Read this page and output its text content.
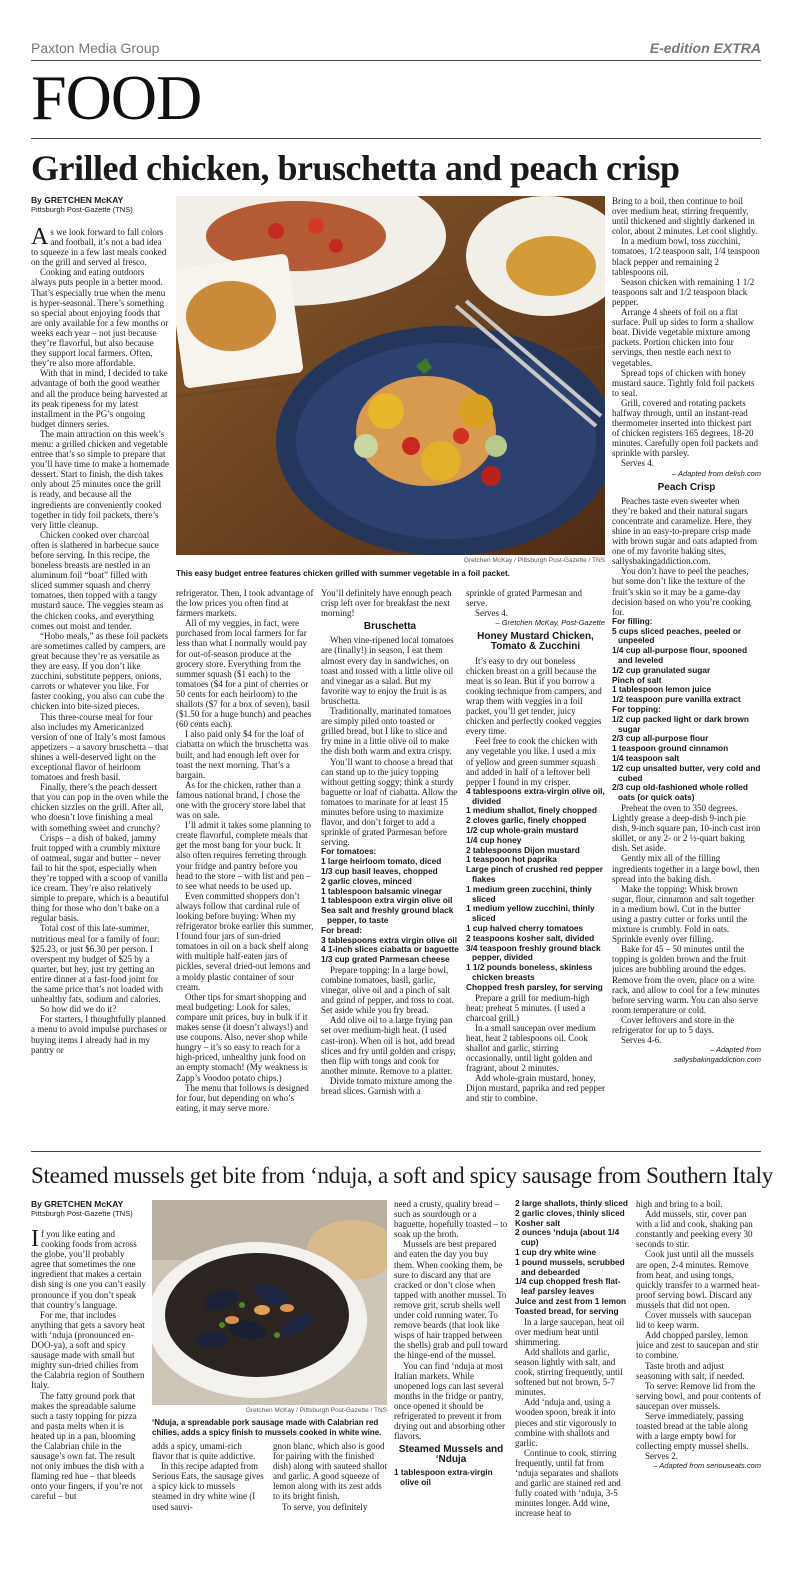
Paxton Media Group	E-edition EXTRA
FOOD
Grilled chicken, bruschetta and peach crisp
By GRETCHEN McKAY
Pittsburgh Post-Gazette (TNS)
Gretchen McKay / Pittsburgh Post-Gazette / TNS
This easy budget entree features chicken grilled with summer vegetable in a foil packet.

As we look forward to fall colors and football, it’s not a bad idea to squeeze in a few last meals cooked on the grill and served al fresco.

Cooking and eating outdoors always puts people in a better mood. That’s especially true when the menu is hyper-seasonal. There’s something so special about enjoying foods that are only available for a few months or weeks each year – not just because they’re flavorful, but also because they support local farmers. Often, they’re also more affordable.

With that in mind, I decided to take advantage of both the good weather and all the produce being harvested at its peak ripeness for my latest installment in the PG’s ongoing budget dinners series.

The main attraction on this week’s menu: a grilled chicken and vegetable entree that’s so simple to prepare that you’ll have time to make a homemade dessert. Start to finish, the dish takes only about 25 minutes once the grill is ready, and because all the ingredients are conveniently cooked together in tidy foil packets, there’s very little cleanup.

Chicken cooked over charcoal often is slathered in barbecue sauce before serving. In this recipe, the boneless breasts are nestled in an aluminum foil “boat” filled with sliced summer squash and cherry tomatoes, then topped with a tangy mustard sauce. The veggies steam as the chicken cooks, and everything comes out moist and tender.

“Hobo meals,” as these foil packets are sometimes called by campers, are great because they’re as versatile as they are easy. If you don’t like zucchini, substitute peppers, onions, carrots or whatever you like. For faster cooking, you also can cube the chicken into bite-sized pieces.

This three-course meal for four also includes my Americanized version of one of Italy’s most famous appetizers – a savory bruschetta – that shines a well-deserved light on the exceptional flavor of heirloom tomatoes and fresh basil.

Finally, there’s the peach dessert that you can pop in the oven while the chicken sizzles on the grill. After all, who doesn’t love finishing a meal with something sweet and crunchy?

Crisps – a dish of baked, jammy fruit topped with a crumbly mixture of oatmeal, sugar and butter – never fail to hit the spot, especially when they’re topped with a scoop of vanilla ice cream. They’re also relatively simple to prepare, which is a beautiful thing for those who don’t bake on a regular basis.

Total cost of this late-summer, nutritious meal for a family of four: $25.23, or just $6.30 per person. I overspent my budget of $25 by a quarter, but hey, just try getting an entire dinner at a fast-food joint for the same price that’s not loaded with unhealthy fats, sodium and calories.

So how did we do it?

For starters, I thoughtfully planned a menu to avoid impulse purchases or buying items I already had in my pantry or

refrigerator. Then, I took advantage of the low prices you often find at farmers markets.

All of my veggies, in fact, were purchased from local farmers for far less than what I normally would pay for out-of-season produce at the grocery store. Everything from the summer squash ($1 each) to the tomatoes ($4 for a pint of cherries or 50 cents for each heirloom) to the shallots ($7 for a box of seven), basil ($1.50 for a huge bunch) and peaches (60 cents each).

I also paid only $4 for the loaf of ciabatta on which the bruschetta was built, and had enough left over for toast the next morning. That’s a bargain.

As for the chicken, rather than a famous national brand, I chose the one with the grocery store label that was on sale.

I’ll admit it takes some planning to create flavorful, complete meals that get the most bang for your buck. It also often requires ferreting through your fridge and pantry before you head to the store – with list and pen – to see what needs to be used up.

Even committed shoppers don’t always follow that cardinal rule of looking before buying: When my refrigerator broke earlier this summer, I found four jars of sun-dried tomatoes in oil on a back shelf along with multiple half-eaten jars of pickles, several dried-out lemons and a moldy plastic container of sour cream.

Other tips for smart shopping and meal budgeting: Look for sales, compare unit prices, buy in bulk if it makes sense (it doesn’t always!) and use coupons. Also, never shop while hungry – it’s so easy to reach for a high-priced, unhealthy junk food on an empty stomach! (My weakness is Zapp’s Voodoo potato chips.)

The menu that follows is designed for four, but depending on who’s eating, it may serve more.

You’ll definitely have enough peach crisp left over for breakfast the next morning!

Bruschetta

When vine-ripened local tomatoes are (finally!) in season, I eat them almost every day in sandwiches, on toast and tossed with a little olive oil and vinegar as a salad. But my favorite way to enjoy the fruit is as bruschetta.

Traditionally, marinated tomatoes are simply piled onto toasted or grilled bread, but I like to slice and fry mine in a little olive oil to make the dish both warm and extra crispy.

You’ll want to choose a bread that can stand up to the juicy topping without getting soggy; think a sturdy baguette or loaf of ciabatta. Allow the tomatoes to marinate for at least 15 minutes before using to maximize flavor, and don’t forget to add a sprinkle of grated Parmesan before serving.

For tomatoes:

1 large heirloom tomato, diced

1/3 cup basil leaves, chopped

2 garlic cloves, minced

1 tablespoon balsamic vinegar

1 tablespoon extra virgin olive oil

Sea salt and freshly ground black pepper, to taste

For bread:

3 tablespoons extra virgin olive oil

4 1-inch slices ciabatta or baguette

1/3 cup grated Parmesan cheese

Prepare topping: In a large bowl, combine tomatoes, basil, garlic, vinegar, olive oil and a pinch of salt and grind of pepper, and toss to coat. Set aside while you fry bread.

Add olive oil to a large frying pan set over medium-high heat. (I used cast-iron). When oil is hot, add bread slices and fry until golden and crispy, then flip with tongs and cook for another minute. Remove to a platter.

Divide tomato mixture among the bread slices. Garnish with a

sprinkle of grated Parmesan and serve.

Serves 4.

– Gretchen McKay, Post-Gazette
Honey Mustard Chicken, Tomato & Zucchini

It’s easy to dry out boneless chicken breast on a grill because the meat is so lean. But if you borrow a cooking technique from campers, and wrap them with veggies in a foil packet, you’ll get tender, juicy chicken and perfectly cooked veggies every time.

Feel free to cook the chicken with any vegetable you like. I used a mix of yellow and green summer squash and added in half of a leftover bell pepper I found in my crisper.

4 tablespoons extra-virgin olive oil, divided

1 medium shallot, finely chopped

2 cloves garlic, finely chopped

1/2 cup whole-grain mustard

1/4 cup honey

2 tablespoons Dijon mustard

1 teaspoon hot paprika

Large pinch of crushed red pepper flakes

1 medium green zucchini, thinly sliced

1 medium yellow zucchini, thinly sliced

1 cup halved cherry tomatoes

2 teaspoons kosher salt, divided

3/4 teaspoon freshly ground black pepper, divided

1 1/2 pounds boneless, skinless chicken breasts

Chopped fresh parsley, for serving

Prepare a grill for medium-high heat; preheat 5 minutes. (I used a charcoal grill.)

In a small saucepan over medium heat, heat 2 tablespoons oil. Cook shallot and garlic, stirring occasionally, until light golden and fragrant, about 2 minutes.

Add whole-grain mustard, honey, Dijon mustard, paprika and red pepper and stir to combine.

Bring to a boil, then continue to boil over medium heat, stirring frequently, until thickened and slightly darkened in color, about 2 minutes. Let cool slightly.

In a medium bowl, toss zucchini, tomatoes, 1/2 teaspoon salt, 1/4 teaspoon black pepper and remaining 2 tablespoons oil.

Season chicken with remaining 1 1/2 teaspoons salt and 1/2 teaspoon black pepper.

Arrange 4 sheets of foil on a flat surface. Pull up sides to form a shallow boat. Divide vegetable mixture among packets. Portion chicken into four servings, then nestle each next to vegetables.

Spread tops of chicken with honey mustard sauce. Tightly fold foil packets to seal.

Grill, covered and rotating packets halfway through, until an instant-read thermometer inserted into thickest part of chicken registers 165 degrees, 18-20 minutes. Carefully open foil packets and sprinkle with parsley.

Serves 4.

– Adapted from delish.com
Peach Crisp

Peaches taste even sweeter when they’re baked and their natural sugars concentrate and caramelize. Here, they shine in an easy-to-prepare crisp made with brown sugar and oats adapted from one of my favorite baking sites, sallysbakingaddiction.com.

You don’t have to peel the peaches, but some don’t like the texture of the fruit’s skin so it may be a game-day decision based on who you’re cooking for.

For filling:

5 cups sliced peaches, peeled or unpeeled

1/4 cup all-purpose flour, spooned and leveled

1/2 cup granulated sugar

Pinch of salt

1 tablespoon lemon juice

1/2 teaspoon pure vanilla extract

For topping:

1/2 cup packed light or dark brown sugar

2/3 cup all-purpose flour

1 teaspoon ground cinnamon

1/4 teaspoon salt

1/2 cup unsalted butter, very cold and cubed

2/3 cup old-fashioned whole rolled oats (or quick oats)

Preheat the oven to 350 degrees. Lightly grease a deep-dish 9-inch pie dish, 9-inch square pan, 10-inch cast iron skillet, or any 2- or 2 ½-quart baking dish. Set aside.

Gently mix all of the filling ingredients together in a large bowl, then spread into the baking dish.

Make the topping: Whisk brown sugar, flour, cinnamon and salt together in a medium bowl. Cut in the butter using a pastry cutter or forks until the mixture is crumbly. Fold in oats. Sprinkle evenly over filling.

Bake for 45 – 50 minutes until the topping is golden brown and the fruit juices are bubbling around the edges. Remove from the oven, place on a wire rack, and allow to cool for a few minutes before serving warm. You can also serve room temperature or cold.

Cover leftovers and store in the refrigerator for up to 5 days.

Serves 4-6.

– Adapted from
sallysbakingaddiction.com
Steamed mussels get bite from ‘nduja, a soft and spicy sausage from Southern Italy
By GRETCHEN McKAY
Pittsburgh Post-Gazette (TNS)
Gretchen McKay / Pittsburgh Post-Gazette / TNS
‘Nduja, a spreadable pork sausage made with Calabrian red chilies, adds a spicy finish to mussels cooked in white wine.

If you like eating and cooking foods from across the globe, you’ll probably agree that sometimes the one ingredient that makes a certain dish sing is one you can’t easily pronounce if you don’t speak that country’s language.

For me, that includes anything that gets a savory heat with ‘nduja (pronounced en-DOO-ya), a soft and spicy sausage made with small but mighty sun-dried chilies from the Calabria region of Southern Italy.

The fatty ground pork that makes the spreadable salume such a tasty topping for pizza and pasta melts when it is heated up in a pan, blooming the Calabrian chile in the sausage’s own fat. The result not only imbues the dish with a flaming red hue – that bleeds onto your fingers, if you’re not careful – but

adds a spicy, umami-rich flavor that is quite addictive.

In this recipe adapted from Serious Eats, the sausage gives a spicy kick to mussels steamed in dry white wine (I used sauvi-

gnon blanc, which also is good for pairing with the finished dish) along with sauteed shallot and garlic. A good squeeze of lemon along with its zest adds to its bright finish.

To serve, you definitely

need a crusty, quality bread – such as sourdough or a baguette, hopefully toasted – to soak up the broth.

Mussels are best prepared and eaten the day you buy them. When cooking them, be sure to discard any that are cracked or don’t close when tapped with another mussel. To remove grit, scrub shells well under cold running water. To remove beards (that look like wisps of hair trapped between the shells) grab and pull toward the hinge-end of the mussel.

You can find ‘nduja at most Italian markets. While unopened logs can last several months in the fridge or pantry, once opened it should be refrigerated to prevent it from drying out and absorbing other flavors.

Steamed Mussels and ‘Nduja

1 tablespoon extra-virgin olive oil

2 large shallots, thinly sliced

2 garlic cloves, thinly sliced

Kosher salt

2 ounces ‘nduja (about 1/4 cup)

1 cup dry white wine

1 pound mussels, scrubbed and debearded

1/4 cup chopped fresh flat-leaf parsley leaves

Juice and zest from 1 lemon

Toasted bread, for serving

In a large saucepan, heat oil over medium heat until shimmering.

Add shallots and garlic, season lightly with salt, and cook, stirring frequently, until softened but not brown, 5-7 minutes.

Add ‘nduja and, using a wooden spoon, break it into pieces and stir vigorously to combine with shallots and garlic.

Continue to cook, stirring frequently, until fat from ‘nduja separates and shallots and garlic are stained red and fully coated with ‘nduja, 3-5 minutes longer. Add wine, increase heat to

high and bring to a boil.

Add mussels, stir, cover pan with a lid and cook, shaking pan constantly and peeking every 30 seconds to stir.

Cook just until all the mussels are open, 2-4 minutes. Remove from heat, and using tongs, quickly transfer to a warmed heat-proof serving bowl. Discard any mussels that did not open.

Cover mussels with saucepan lid to keep warm.

Add chopped parsley, lemon juice and zest to saucepan and stir to combine.

Taste broth and adjust seasoning with salt, if needed.

To serve: Remove lid from the serving bowl, and pour contents of saucepan over mussels.

Serve immediately, passing toasted bread at the table along with a large empty bowl for collecting empty mussel shells.

Serves 2.

– Adapted from seriouseats.com
